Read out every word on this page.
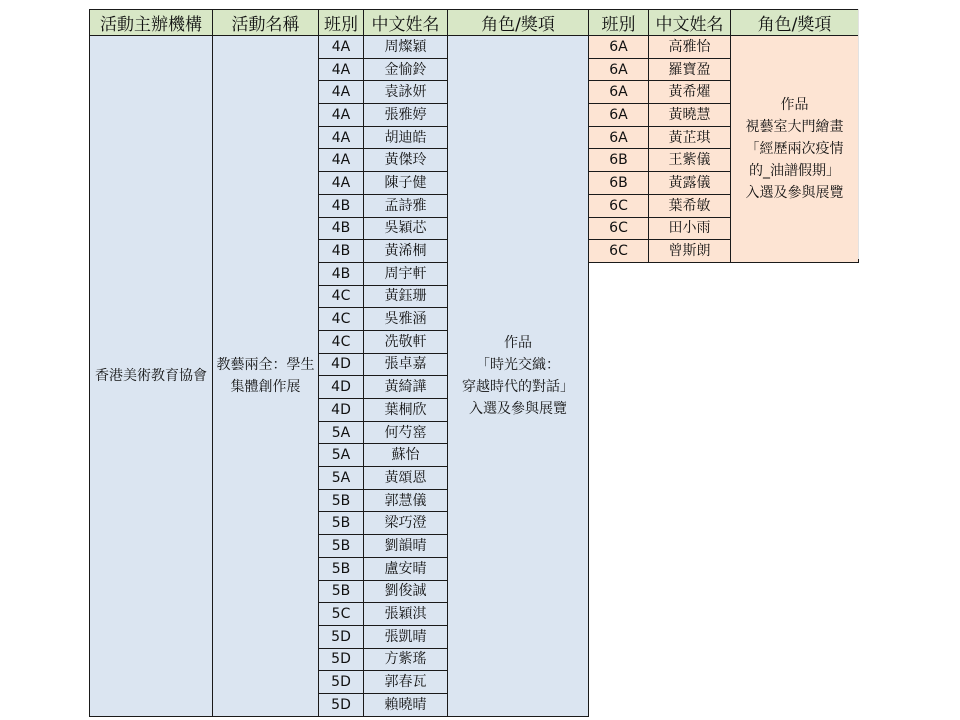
活動主辦機構	活動名稱	班別	中文姓名	角色/獎項
香港美術教育協會	教藝兩全：學生集體創作展	4A	周燦穎	作品
「時光交織：
穿越時代的對話」
入選及參與展覽

		4A	金愉鈴	
		4A	袁詠妍	
		4A	張雅婷	
		4A	胡迪皓	
		4A	黃傑玲	
		4A	陳子健	
		4B	孟詩雅	
		4B	吳穎芯	
		4B	黃浠桐	
		4B	周宇軒	
		4C	黃鈺珊	
		4C	吳雅涵	
		4C	冼敬軒	
		4D	張卓嘉	
		4D	黃綺譁	
		4D	葉桐欣	
		5A	何芍窰	
		5A	蘇怡	
		5A	黃頌恩	
		5B	郭慧儀	
		5B	梁巧澄	
		5B	劉韻晴	
		5B	盧安晴	
		5B	劉俊誠	
		5C	張穎淇	
		5D	張凱晴	
		5D	方紫瑤	
		5D	郭春瓦	
		5D	賴曉晴	
班別	中文姓名	角色/獎項
6A	高雅怡	作品
視藝室大門繪畫
「經歷兩次疫情
的_油譜假期」
入選及參與展覽

6A	羅寶盈	
6A	黃希燿	
6A	黃曉慧	
6A	黃芷琪	
6B	王紫儀	
6B	黃露儀	
6C	葉希敏	
6C	田小雨	
6C	曾斯朗	
